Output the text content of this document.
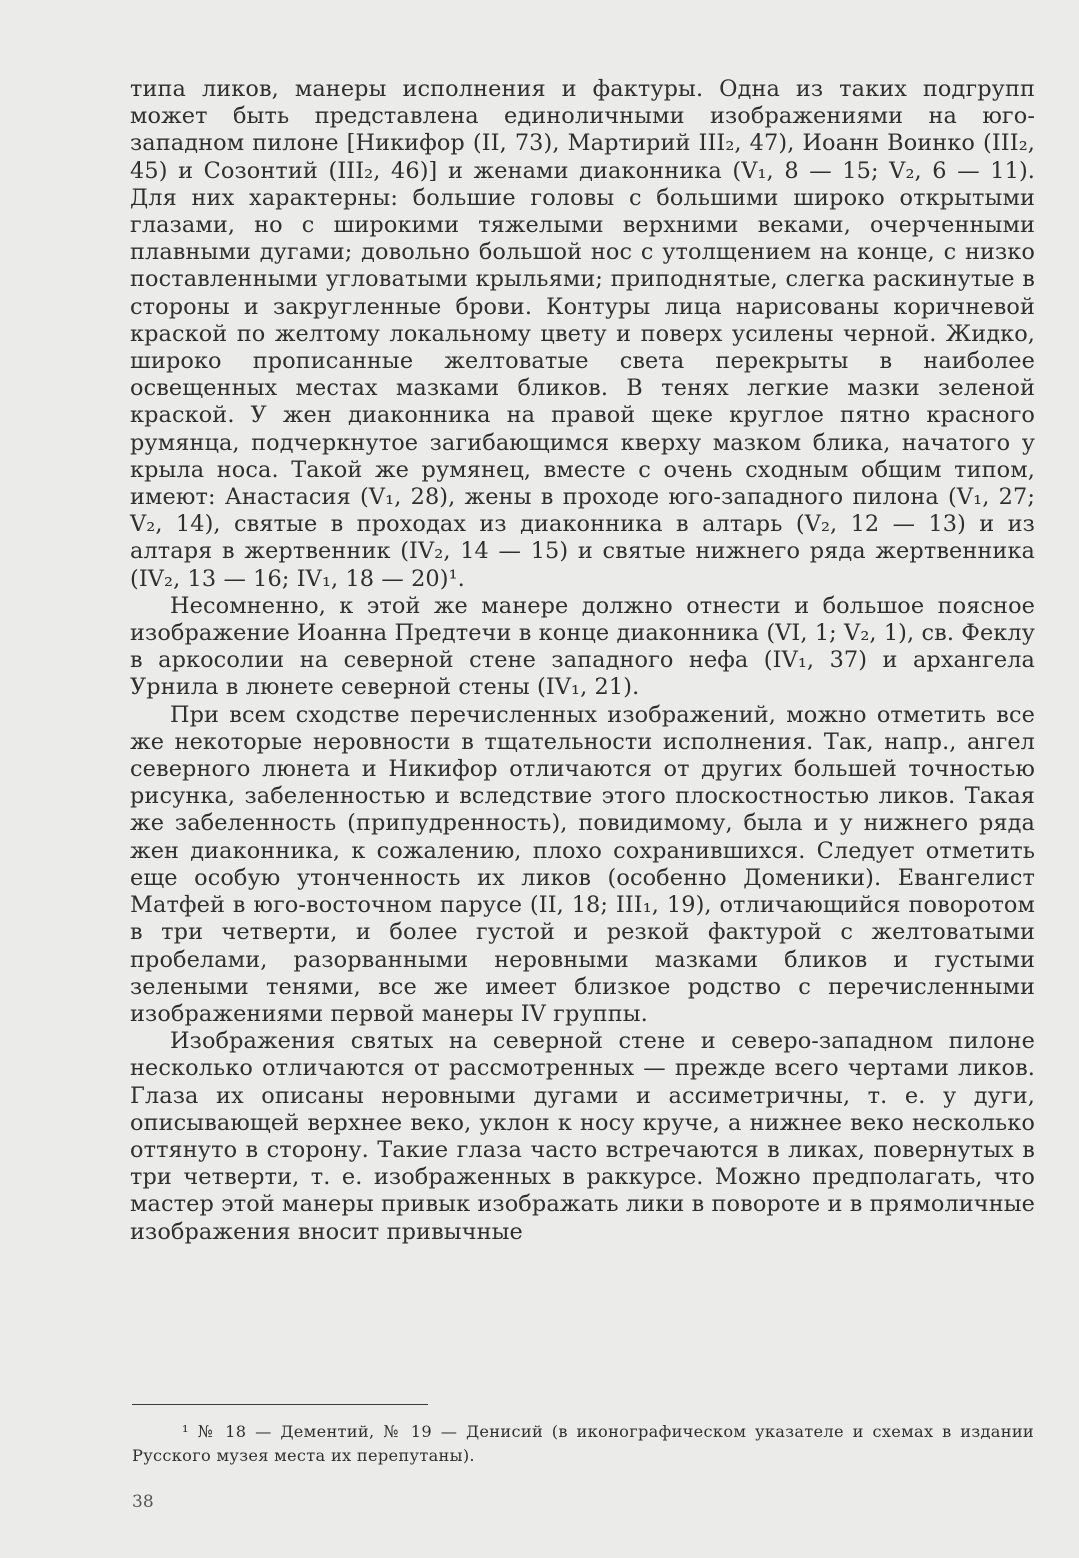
типа ликов, манеры исполнения и фактуры. Одна из таких подгрупп может быть представлена единоличными изображениями на юго-западном пилоне [Никифор (II, 73), Мартирий III₂, 47), Иоанн Воинко (III₂, 45) и Созонтий (III₂, 46)] и женами диаконника (V₁, 8 — 15; V₂, 6 — 11). Для них характерны: большие головы с большими широко открытыми глазами, но с широкими тяжелыми верхними веками, очерченными плавными дугами; довольно большой нос с утолщением на конце, с низко поставленными угловатыми крыльями; приподнятые, слегка раскинутые в стороны и закругленные брови. Контуры лица нарисованы коричневой краской по желтому локальному цвету и поверх усилены черной. Жидко, широко прописанные желтоватые света перекрыты в наиболее освещенных местах мазками бликов. В тенях легкие мазки зеленой краской. У жен диаконника на правой щеке круглое пятно красного румянца, подчеркнутое загибающимся кверху мазком блика, начатого у крыла носа. Такой же румянец, вместе с очень сходным общим типом, имеют: Анастасия (V₁, 28), жены в проходе юго-западного пилона (V₁, 27; V₂, 14), святые в проходах из диаконника в алтарь (V₂, 12 — 13) и из алтаря в жертвенник (IV₂, 14 — 15) и святые нижнего ряда жертвенника (IV₂, 13 — 16; IV₁, 18 — 20)¹.

Несомненно, к этой же манере должно отнести и большое поясное изображение Иоанна Предтечи в конце диаконника (VI, 1; V₂, 1), св. Феклу в аркосолии на северной стене западного нефа (IV₁, 37) и архангела Урнила в люнете северной стены (IV₁, 21).

При всем сходстве перечисленных изображений, можно отметить все же некоторые неровности в тщательности исполнения. Так, напр., ангел северного люнета и Никифор отличаются от других большей точностью рисунка, забеленностью и вследствие этого плоскостностью ликов. Такая же забеленность (припудренность), повидимому, была и у нижнего ряда жен диаконника, к сожалению, плохо сохранившихся. Следует отметить еще особую утонченность их ликов (особенно Доменики). Евангелист Матфей в юго-восточном парусе (II, 18; III₁, 19), отличающийся поворотом в три четверти, и более густой и резкой фактурой с желтоватыми пробелами, разорванными неровными мазками бликов и густыми зелеными тенями, все же имеет близкое родство с перечисленными изображениями первой манеры IV группы.

Изображения святых на северной стене и северо-западном пилоне несколько отличаются от рассмотренных — прежде всего чертами ликов. Глаза их описаны неровными дугами и ассиметричны, т. е. у дуги, описывающей верхнее веко, уклон к носу круче, а нижнее веко несколько оттянуто в сторону. Такие глаза часто встречаются в ликах, повернутых в три четверти, т. е. изображенных в раккурсе. Можно предполагать, что мастер этой манеры привык изображать лики в повороте и в прямоличные изображения вносит привычные

¹ № 18 — Дементий, № 19 — Дениcий (в иконографическом указателе и схемах в издании Русского музея места их перепутаны).

38
